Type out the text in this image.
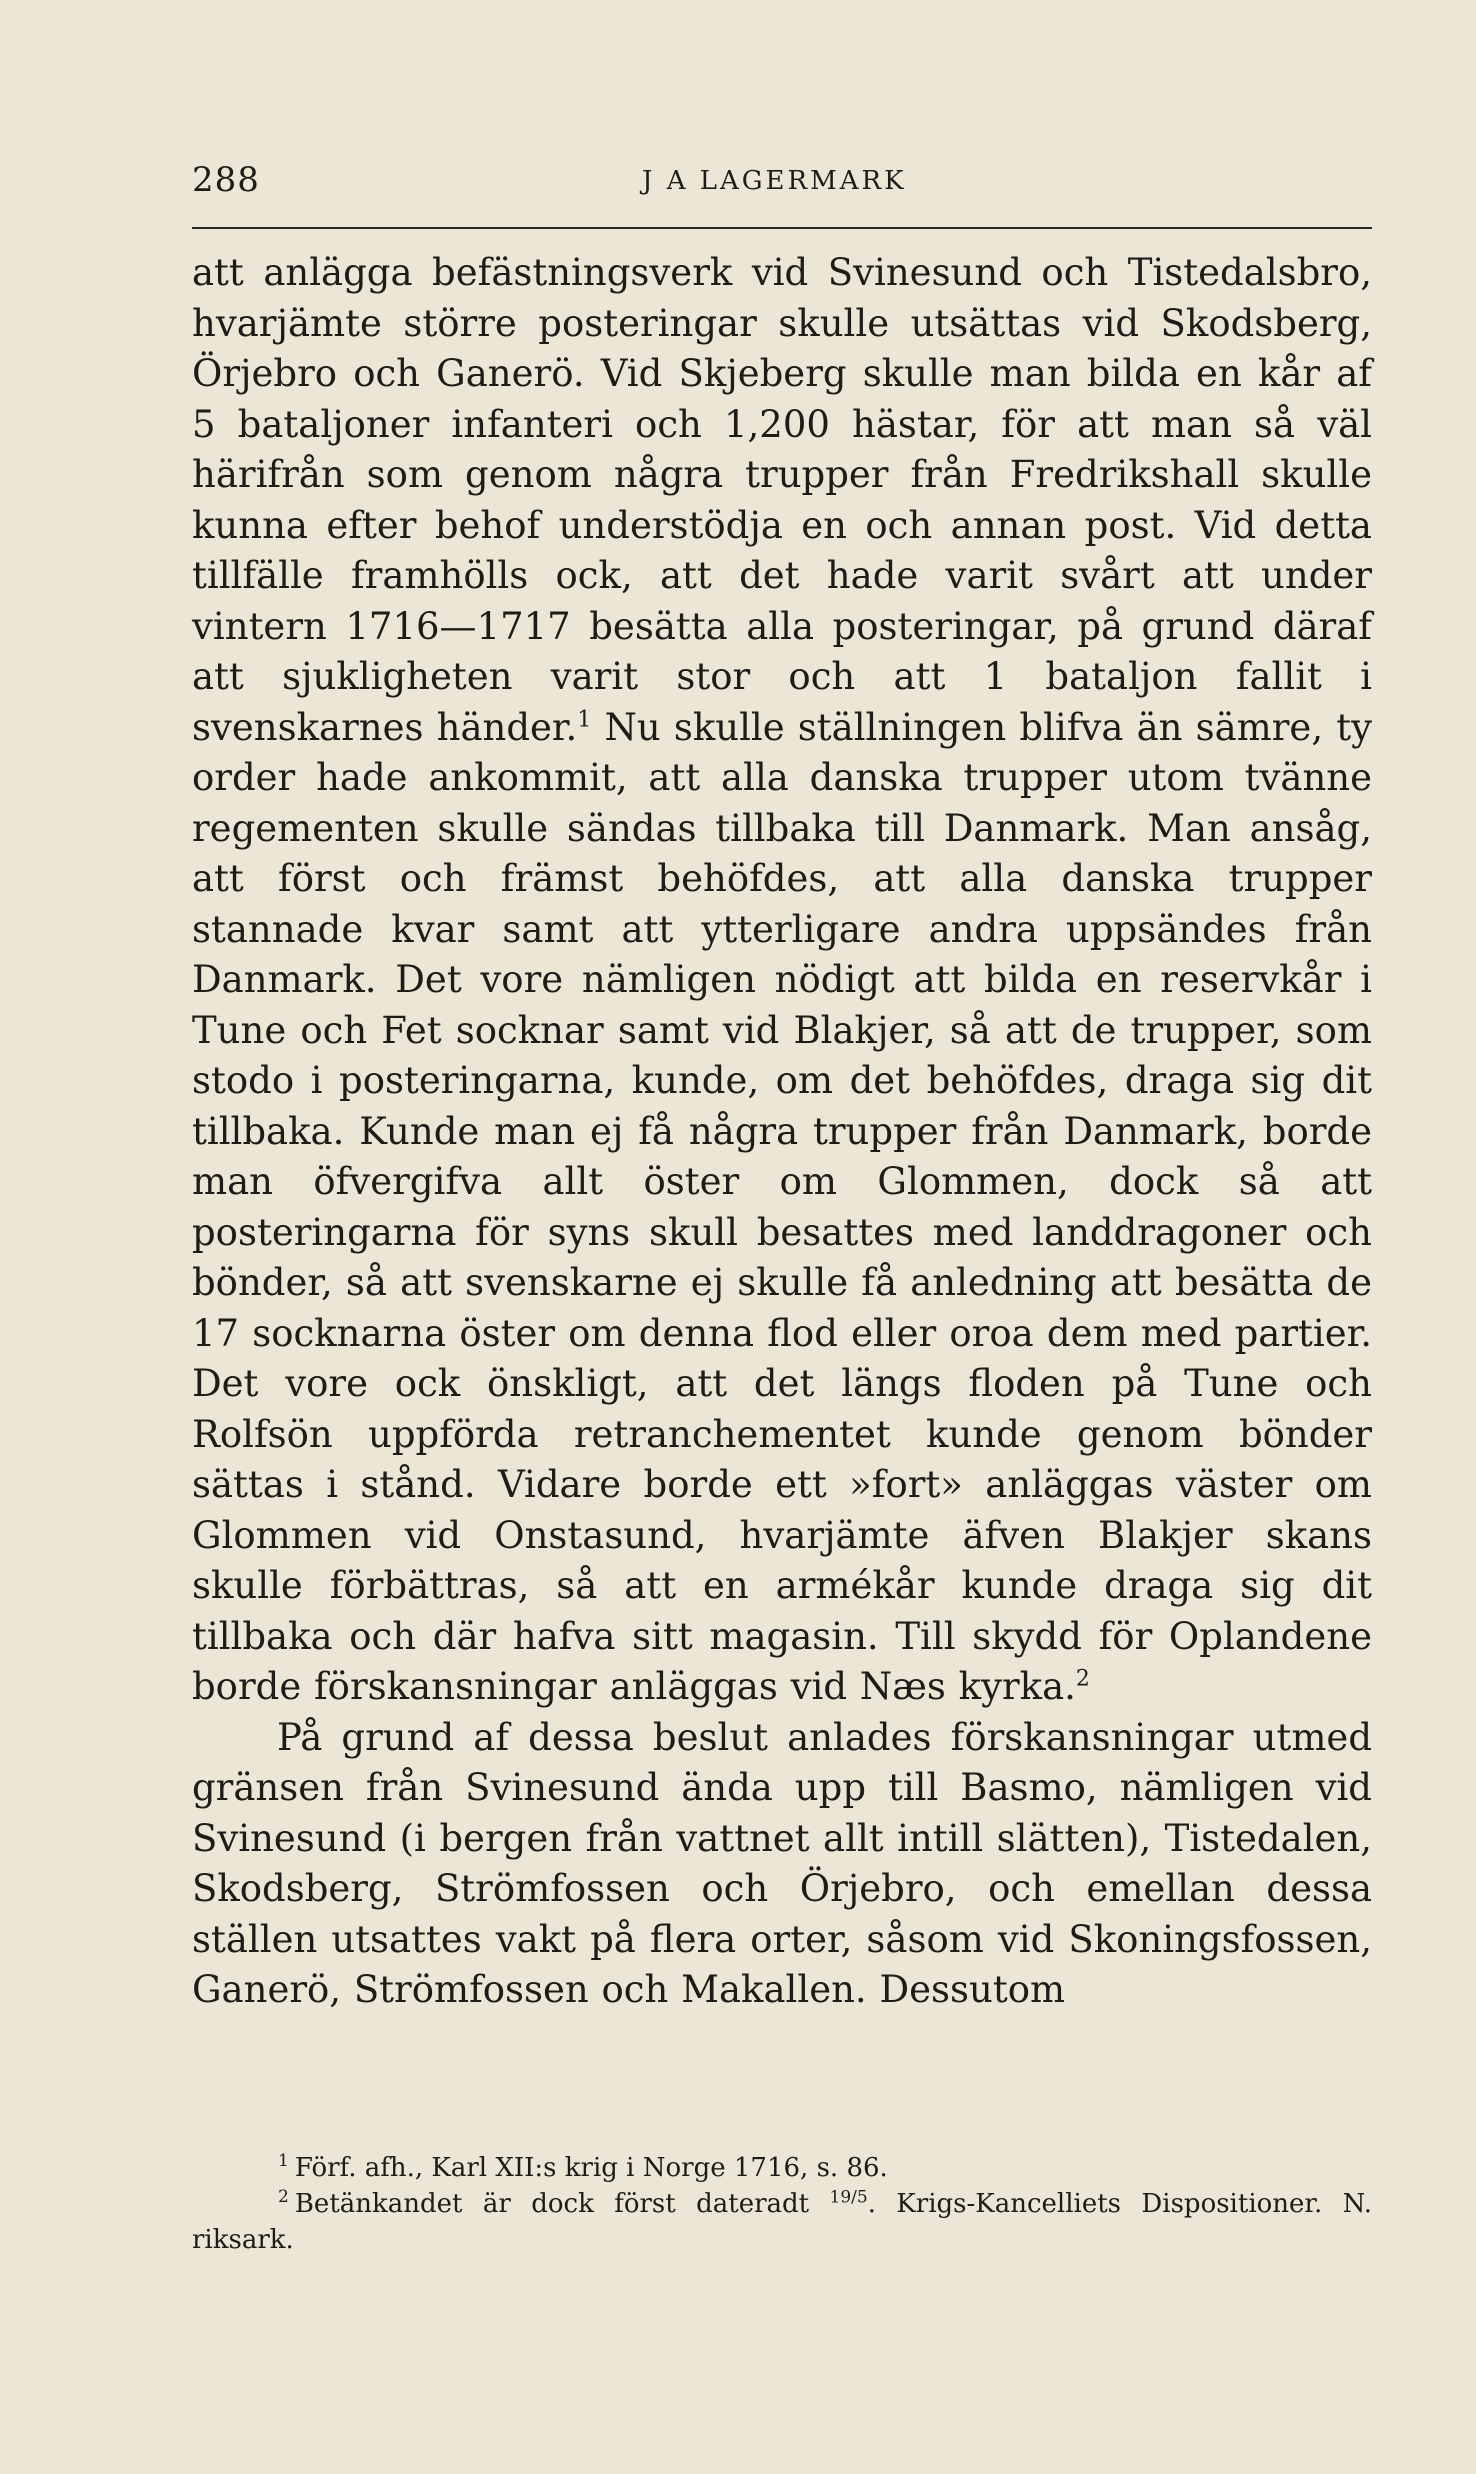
288	J A LAGERMARK

att anlägga befästningsverk vid Svinesund och Tistedalsbro, hvarjämte större posteringar skulle utsättas vid Skodsberg, Örjebro och Ganerö. Vid Skjeberg skulle man bilda en kår af 5 bataljoner infanteri och 1,200 hästar, för att man så väl härifrån som genom några trupper från Fredrikshall skulle kunna efter behof understödja en och annan post. Vid detta tillfälle framhölls ock, att det hade varit svårt att under vintern 1716—1717 besätta alla posteringar, på grund däraf att sjukligheten varit stor och att 1 bataljon fallit i svenskarnes händer.$^1$ Nu skulle ställningen blifva än sämre, ty order hade ankommit, att alla danska trupper utom tvänne regementen skulle sändas tillbaka till Danmark. Man ansåg, att först och främst behöfdes, att alla danska trupper stannade kvar samt att ytterligare andra uppsändes från Danmark. Det vore nämligen nödigt att bilda en reservkår i Tune och Fet socknar samt vid Blakjer, så att de trupper, som stodo i posteringarna, kunde, om det behöfdes, draga sig dit tillbaka. Kunde man ej få några trupper från Danmark, borde man öfvergifva allt öster om Glommen, dock så att posteringarna för syns skull besattes med landdragoner och bönder, så att svenskarne ej skulle få anledning att besätta de 17 socknarna öster om denna flod eller oroa dem med partier. Det vore ock önskligt, att det längs floden på Tune och Rolfsön uppförda retranchementet kunde genom bönder sättas i stånd. Vidare borde ett »fort» anläggas väster om Glommen vid Onstasund, hvarjämte äfven Blakjer skans skulle förbättras, så att en armékår kunde draga sig dit tillbaka och där hafva sitt magasin. Till skydd för Oplandene borde förskansningar anläggas vid Næs kyrka.$^2$

På grund af dessa beslut anlades förskansningar utmed gränsen från Svinesund ända upp till Basmo, nämligen vid Svinesund (i bergen från vattnet allt intill slätten), Tistedalen, Skodsberg, Strömfossen och Örjebro, och emellan dessa ställen utsattes vakt på flera orter, såsom vid Skoningsfossen, Ganerö, Strömfossen och Makallen. Dessutom

$^1$ Förf. afh., Karl XII:s krig i Norge 1716, s. 86.

$^2$ Betänkandet är dock först dateradt $^{19/5}$. Krigs-Kancelliets Dispositioner. N. riksark.
